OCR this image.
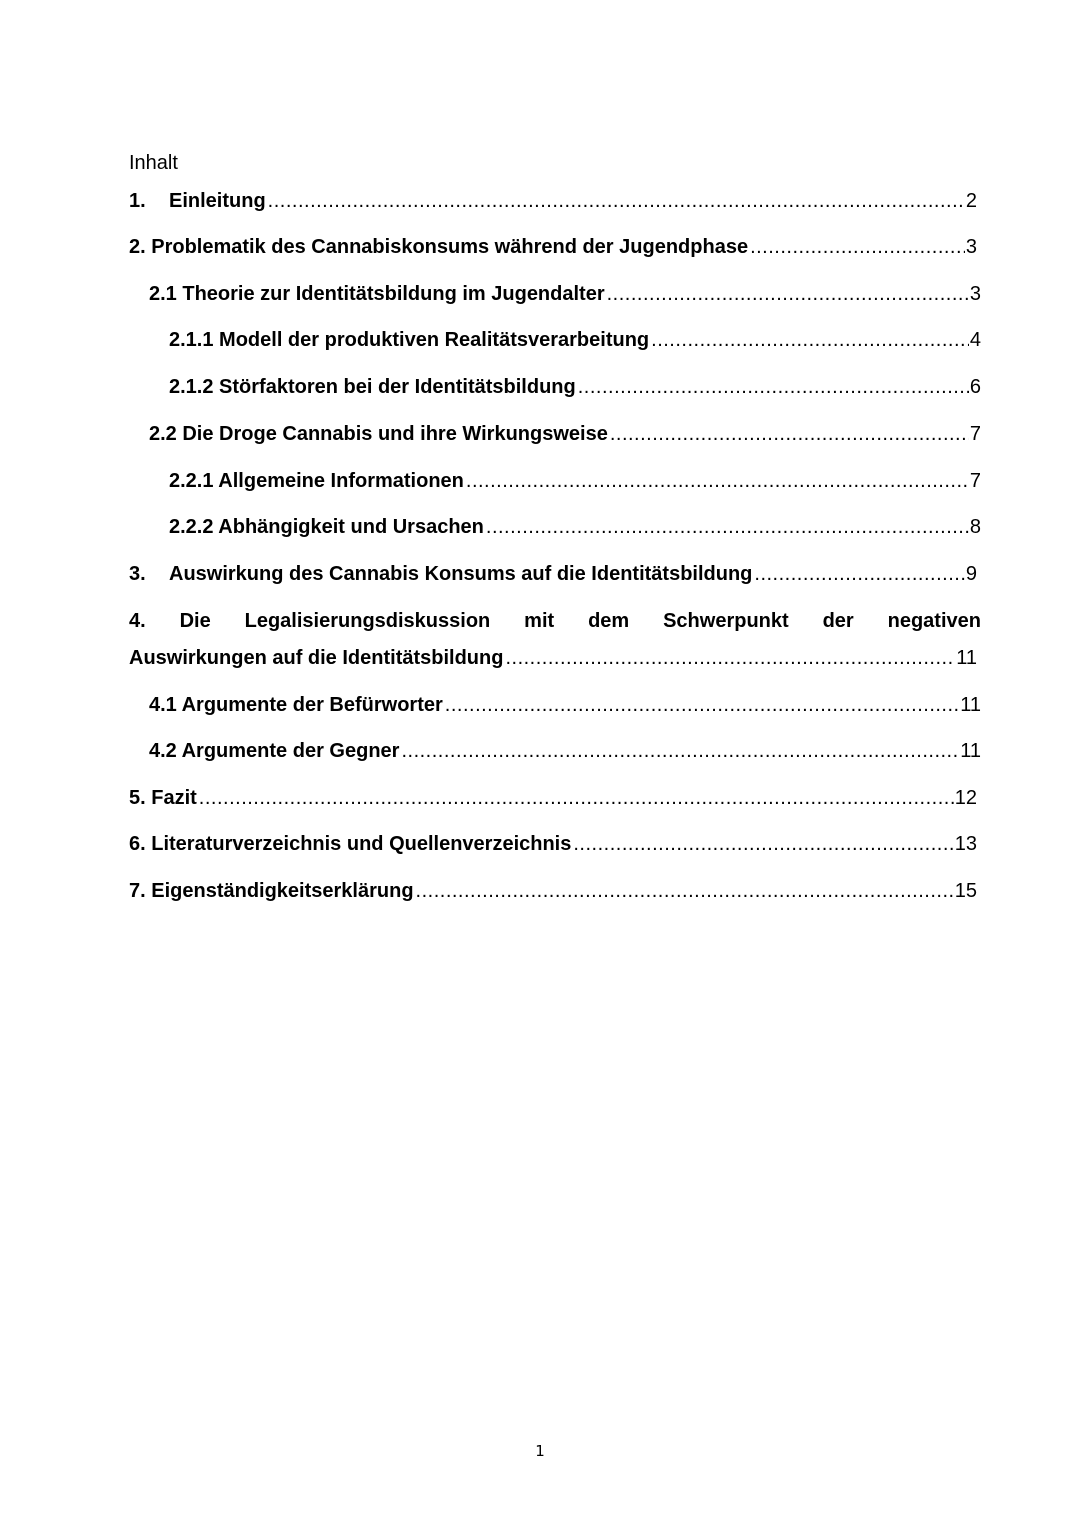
Inhalt
1.	Einleitung .....	2
2. Problematik des Cannabiskonsums während der Jugendphase .....	3
2.1 Theorie zur Identitätsbildung im Jugendalter .....	3
2.1.1 Modell der produktiven Realitätsverarbeitung .....	4
2.1.2 Störfaktoren bei der Identitätsbildung .....	6
2.2 Die Droge Cannabis und ihre Wirkungsweise .....	7
2.2.1 Allgemeine Informationen .....	7
2.2.2 Abhängigkeit und Ursachen .....	8
3.	Auswirkung des Cannabis Konsums auf die Identitätsbildung .....	9
4. Die Legalisierungsdiskussion mit dem Schwerpunkt der negativen
Auswirkungen auf die Identitätsbildung .....	11
4.1 Argumente der Befürworter .....	11
4.2 Argumente der Gegner .....	11
5. Fazit .....	12
6. Literaturverzeichnis und Quellenverzeichnis .....	13
7. Eigenständigkeitserklärung .....	15
1
